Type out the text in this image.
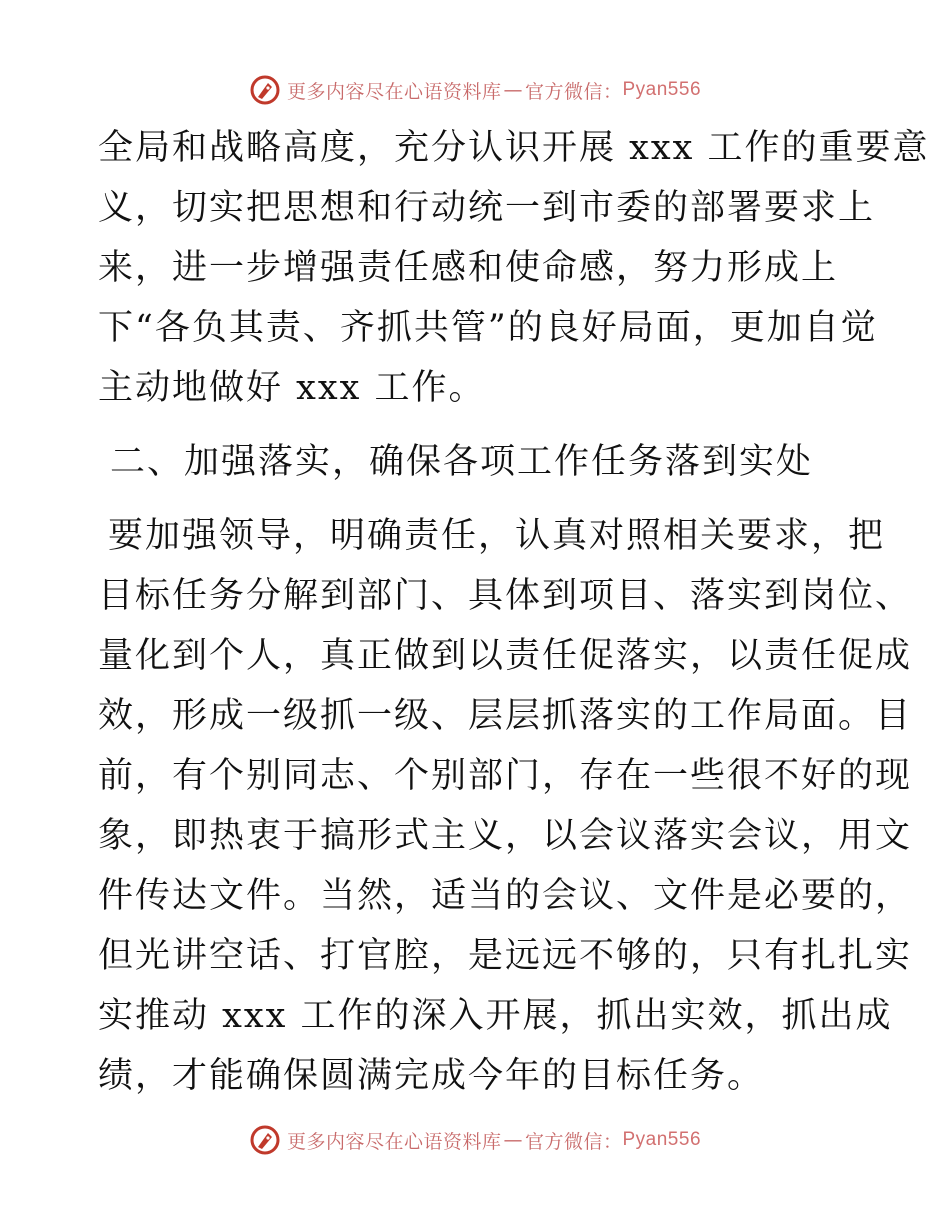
更多内容尽在心语资料库 — 官方微信： Pyan556
全局和战略高度，充分认识开展 xxx 工作的重要意
义，切实把思想和行动统一到市委的部署要求上
来，进一步增强责任感和使命感，努力形成上
下“各负其责、齐抓共管”的良好局面，更加自觉
主动地做好 xxx 工作。
二、加强落实，确保各项工作任务落到实处
要加强领导，明确责任，认真对照相关要求，把
目标任务分解到部门、具体到项目、落实到岗位、
量化到个人，真正做到以责任促落实，以责任促成
效，形成一级抓一级、层层抓落实的工作局面。目
前，有个别同志、个别部门，存在一些很不好的现
象，即热衷于搞形式主义，以会议落实会议，用文
件传达文件。当然，适当的会议、文件是必要的，
但光讲空话、打官腔，是远远不够的，只有扎扎实
实推动 xxx 工作的深入开展，抓出实效，抓出成
绩，才能确保圆满完成今年的目标任务。
更多内容尽在心语资料库 — 官方微信： Pyan556
